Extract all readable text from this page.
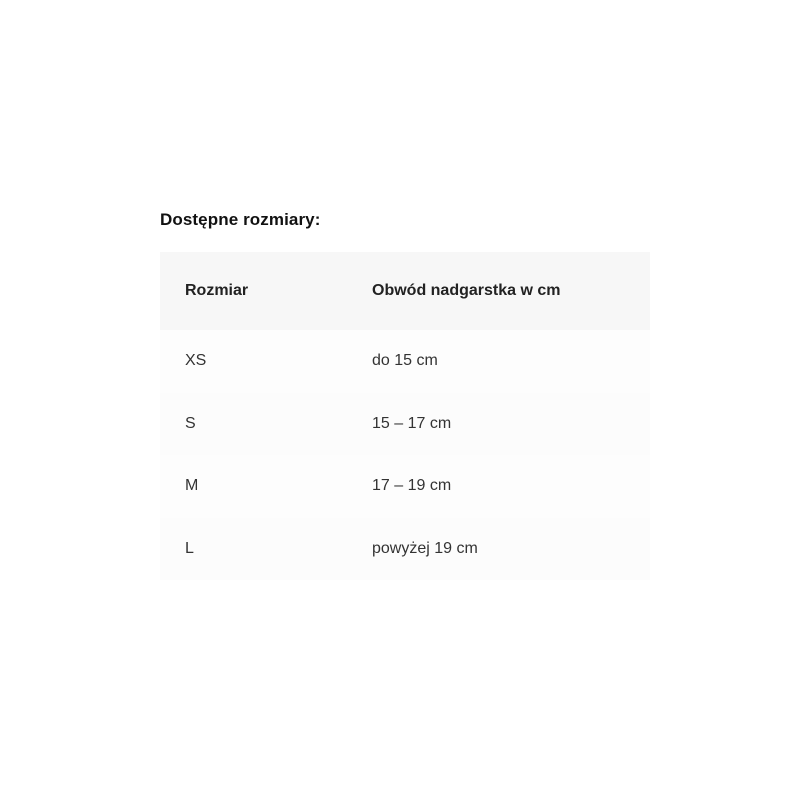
Dostępne rozmiary:
Rozmiar	Obwód nadgarstka w cm
XS	do 15 cm
S	15 – 17 cm
M	17 – 19 cm
L	powyżej 19 cm
